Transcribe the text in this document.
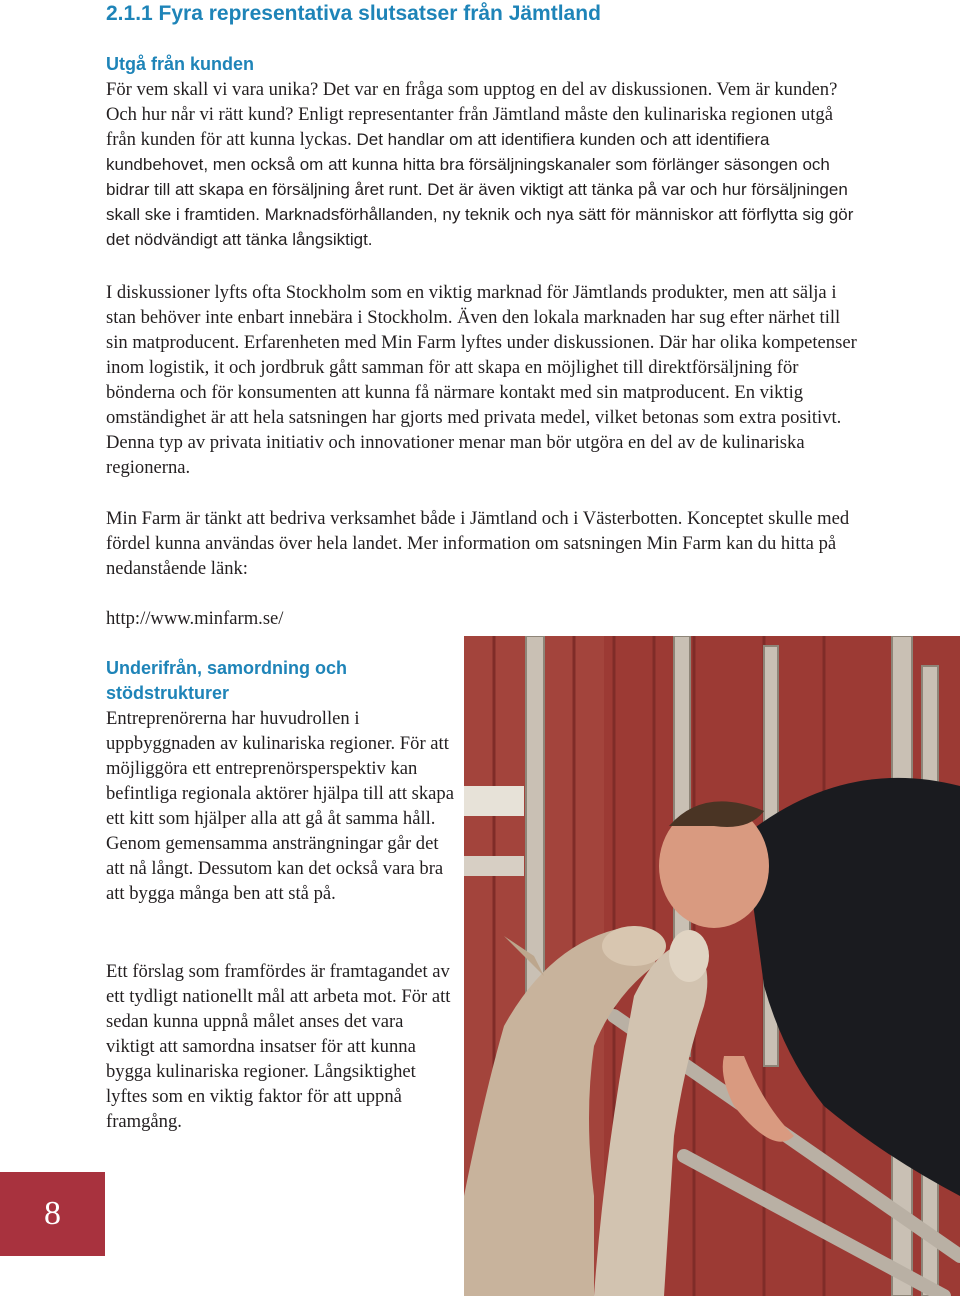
2.1.1 Fyra representativa slutsatser från Jämtland
Utgå från kunden

För vem skall vi vara unika? Det var en fråga som upptog en del av diskussionen. Vem är kunden? Och hur når vi rätt kund? Enligt representanter från Jämtland måste den kulinariska regionen utgå från kunden för att kunna lyckas. Det handlar om att identifiera kunden och att identifiera kundbehovet, men också om att kunna hitta bra försäljningskanaler som förlänger säsongen och bidrar till att skapa en försäljning året runt. Det är även viktigt att tänka på var och hur försäljningen skall ske i framtiden. Marknadsförhållanden, ny teknik och nya sätt för människor att förflytta sig gör det nödvändigt att tänka långsiktigt.

I diskussioner lyfts ofta Stockholm som en viktig marknad för Jämtlands produkter, men att sälja i stan behöver inte enbart innebära i Stockholm. Även den lokala marknaden har sug efter närhet till sin matproducent. Erfarenheten med Min Farm lyftes under diskussionen. Där har olika kompetenser inom logistik, it och jordbruk gått samman för att skapa en möjlighet till direktförsäljning för bönderna och för konsumenten att kunna få närmare kontakt med sin matproducent. En viktig omständighet är att hela satsningen har gjorts med privata medel, vilket betonas som extra positivt. Denna typ av privata initiativ och innovationer menar man bör utgöra en del av de kulinariska regionerna.

Min Farm är tänkt att bedriva verksamhet både i Jämtland och i Västerbotten. Konceptet skulle med fördel kunna användas över hela landet. Mer information om satsningen Min Farm kan du hitta på nedanstående länk:

http://www.minfarm.se/
Underifrån, samordning och stödstrukturer

Entreprenörerna har huvudrollen i uppbyggnaden av kulinariska regioner. För att möjliggöra ett entreprenörsperspektiv kan befintliga regionala aktörer hjälpa till att skapa ett kitt som hjälper alla att gå åt samma håll. Genom gemensamma ansträngningar går det att nå långt. Dessutom kan det också vara bra att bygga många ben att stå på.

Ett förslag som framfördes är framtagandet av ett tydligt nationellt mål att arbeta mot. För att sedan kunna uppnå målet anses det vara viktigt att samordna insatser för att kunna bygga kulinariska regioner. Långsiktighet lyftes som en viktig faktor för att uppnå framgång.

8
